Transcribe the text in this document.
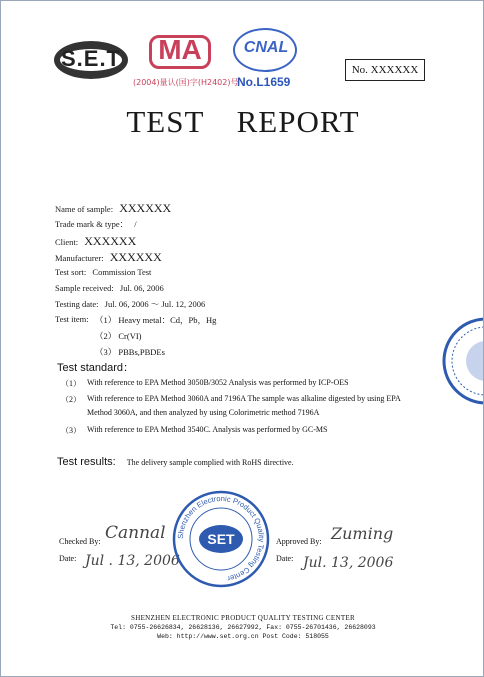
S.E.T	MA
(2004)量认(国)字(H2402)号
CNAL
No.L1659
No. XXXXXX
TEST REPORT
Name of sample: XXXXXX
Trade mark & type： /
Client: XXXXXX
Manufacturer: XXXXXX
Test sort: Commission Test
Sample received: Jul. 06, 2006
Testing date: Jul. 06, 2006 ～ Jul. 12, 2006
Test item: （1） Heavy metal：Cd，Pb，Hg
（2） Cr(VI)
（3） PBBs,PBDEs
Test standard：
（1） With reference to EPA Method 3050B/3052 Analysis was performed by ICP-OES
（2） With reference to EPA Method 3060A and 7196A The sample was alkaline digested by using EPA
Method 3060A, and then analyzed by using Colorimetric method 7196A
（3） With reference to EPA Method 3540C. Analysis was performed by GC-MS
Test results: The delivery sample complied with RoHS directive.
Checked By: Cannal
Date: Jul . 13, 2006
Approved By: Zuming
Date: Jul. 13, 2006
Shenzhen Electronic Product Quality Testing Center
SET
SHENZHEN ELECTRONIC PRODUCT QUALITY TESTING CENTER
Tel: 0755-26626834, 26628136, 26627992, Fax: 0755-26701436, 26628093
Web: http://www.set.org.cn Post Code: 518055
